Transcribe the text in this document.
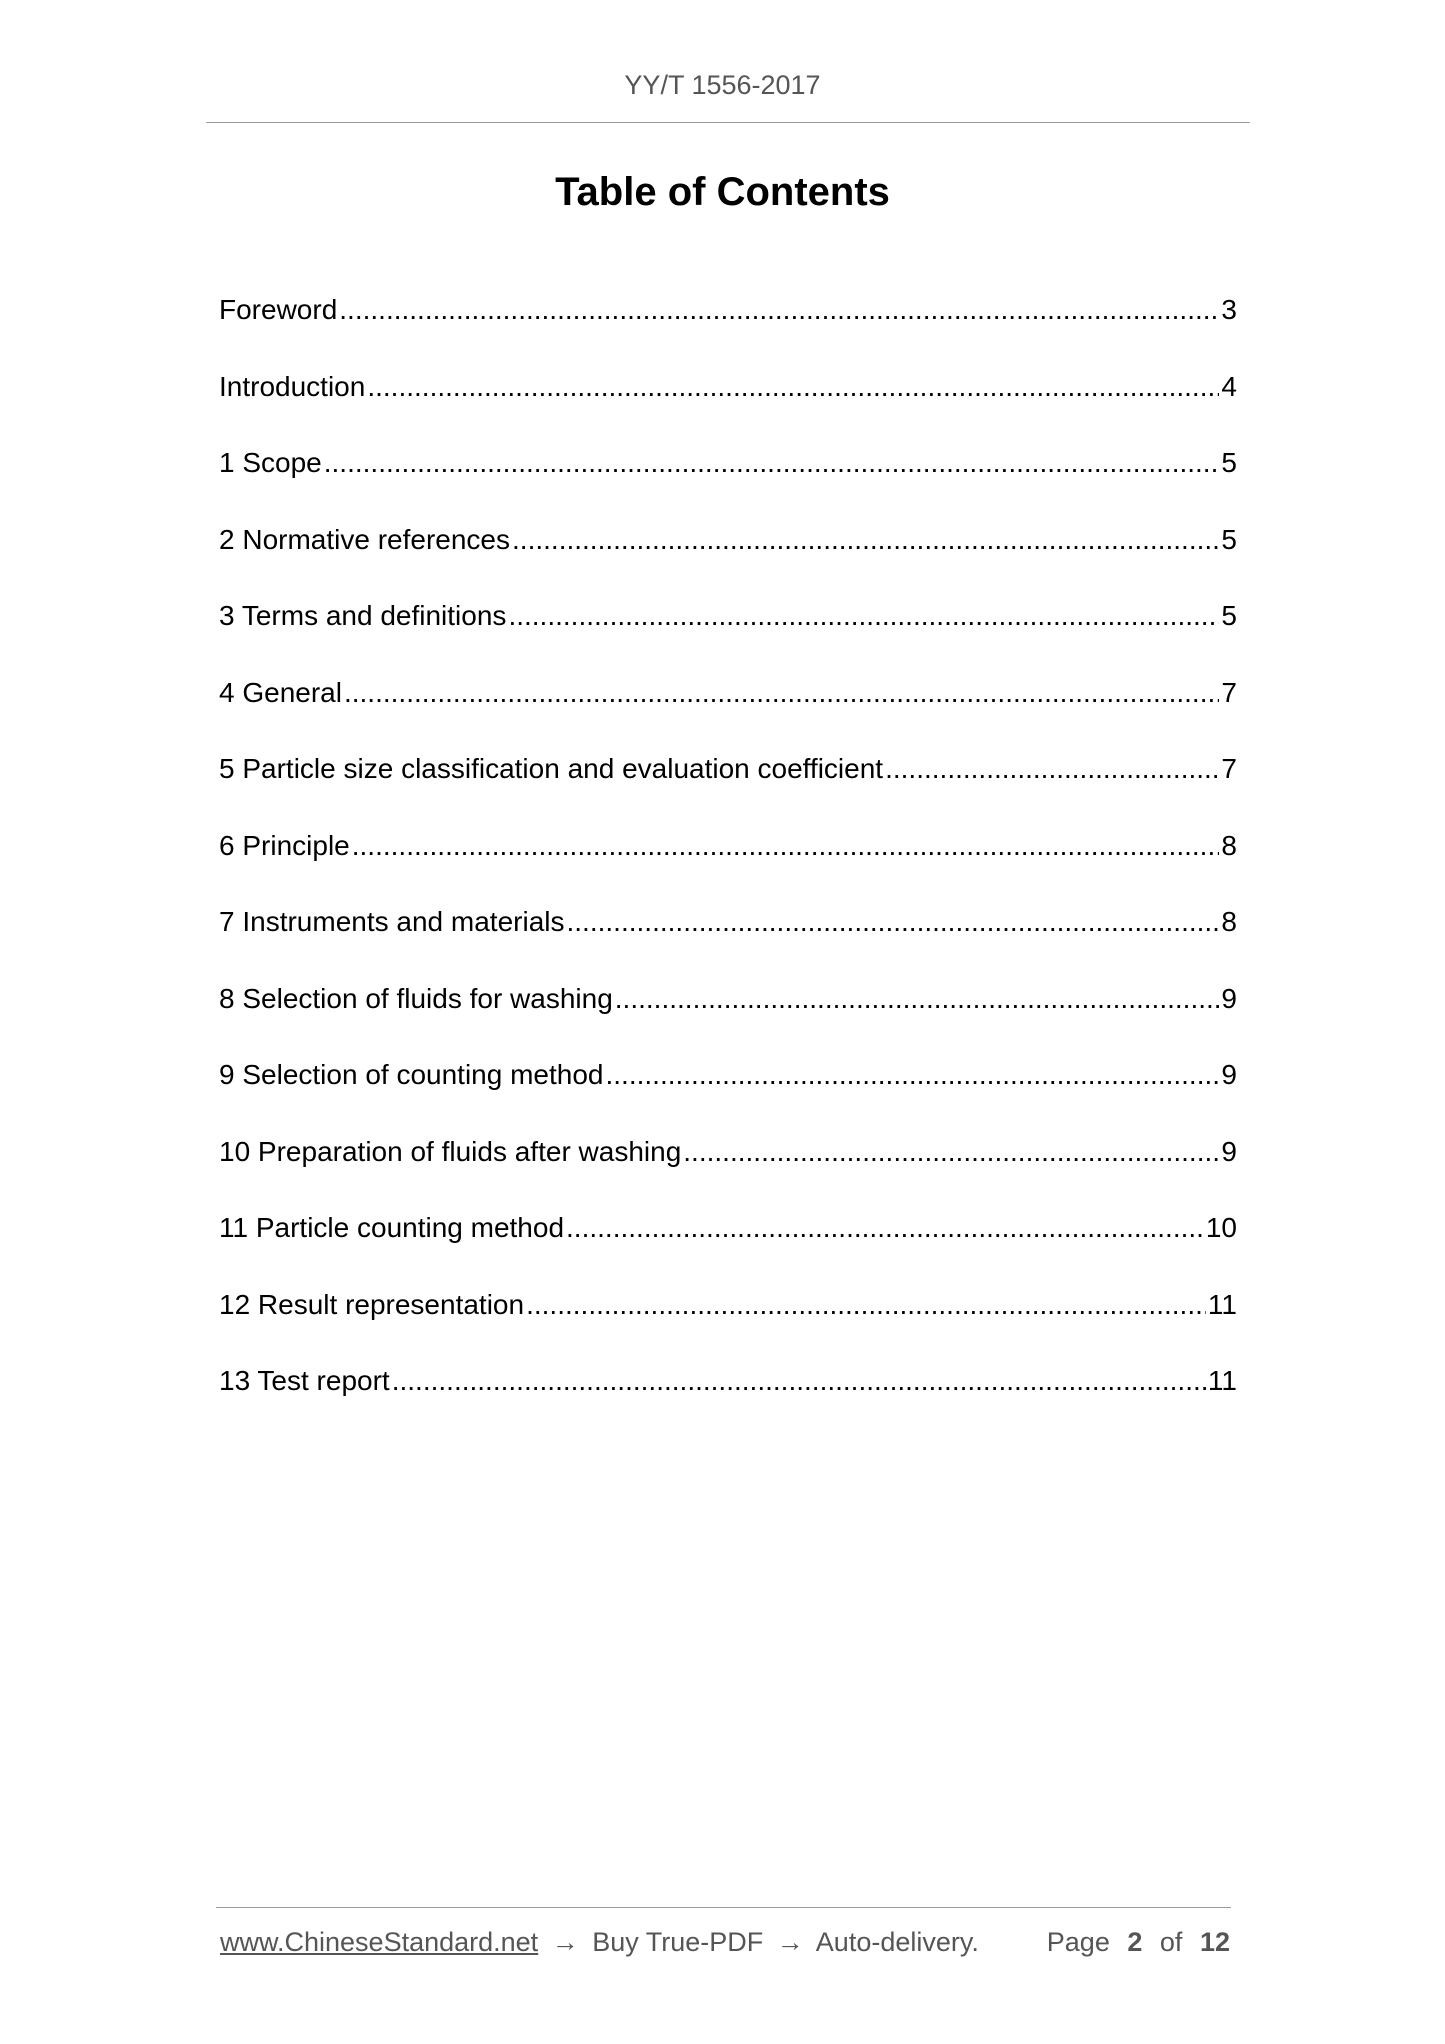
YY/T 1556-2017
Table of Contents
Foreword .....	3
Introduction .....	4
1 Scope .....	5
2 Normative references .....	5
3 Terms and definitions .....	5
4 General .....	7
5 Particle size classification and evaluation coefficient .....	7
6 Principle .....	8
7 Instruments and materials .....	8
8 Selection of fluids for washing .....	9
9 Selection of counting method .....	9
10 Preparation of fluids after washing .....	9
11 Particle counting method .....	10
12 Result representation .....	11
13 Test report .....	11
www.ChineseStandard.net → Buy True-PDF → Auto-delivery.	Page 2 of 12
